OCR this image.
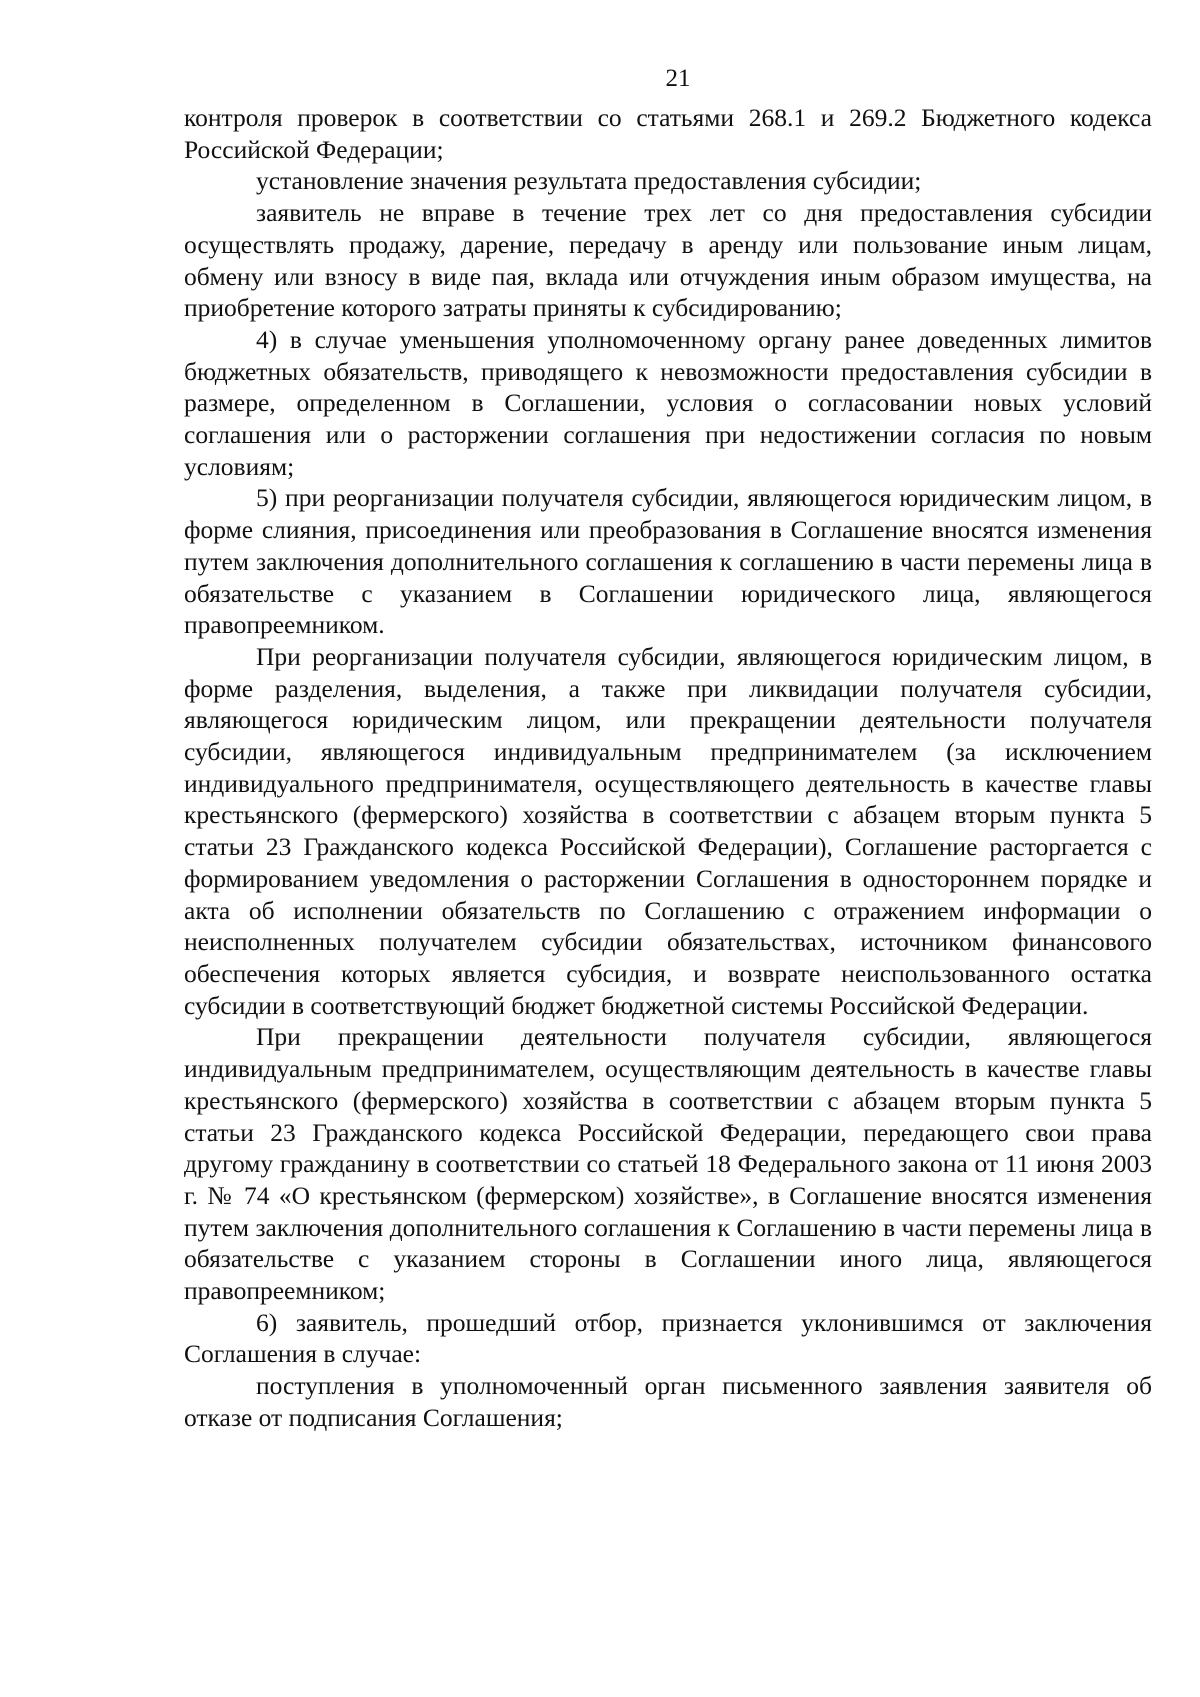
21

контроля проверок в соответствии со статьями 268.1 и 269.2 Бюджетного кодекса Российской Федерации;

установление значения результата предоставления субсидии;

заявитель не вправе в течение трех лет со дня предоставления субсидии осуществлять продажу, дарение, передачу в аренду или пользование иным лицам, обмену или взносу в виде пая, вклада или отчуждения иным образом имущества, на приобретение которого затраты приняты к субсидированию;

4) в случае уменьшения уполномоченному органу ранее доведенных лимитов бюджетных обязательств, приводящего к невозможности предоставления субсидии в размере, определенном в Соглашении, условия о согласовании новых условий соглашения или о расторжении соглашения при недостижении согласия по новым условиям;

5) при реорганизации получателя субсидии, являющегося юридическим лицом, в форме слияния, присоединения или преобразования в Соглашение вносятся изменения путем заключения дополнительного соглашения к соглашению в части перемены лица в обязательстве с указанием в Соглашении юридического лица, являющегося правопреемником.

При реорганизации получателя субсидии, являющегося юридическим лицом, в форме разделения, выделения, а также при ликвидации получателя субсидии, являющегося юридическим лицом, или прекращении деятельности получателя субсидии, являющегося индивидуальным предпринимателем (за исключением индивидуального предпринимателя, осуществляющего деятельность в качестве главы крестьянского (фермерского) хозяйства в соответствии с абзацем вторым пункта 5 статьи 23 Гражданского кодекса Российской Федерации), Соглашение расторгается с формированием уведомления о расторжении Соглашения в одностороннем порядке и акта об исполнении обязательств по Соглашению с отражением информации о неисполненных получателем субсидии обязательствах, источником финансового обеспечения которых является субсидия, и возврате неиспользованного остатка субсидии в соответствующий бюджет бюджетной системы Российской Федерации.

При прекращении деятельности получателя субсидии, являющегося индивидуальным предпринимателем, осуществляющим деятельность в качестве главы крестьянского (фермерского) хозяйства в соответствии с абзацем вторым пункта 5 статьи 23 Гражданского кодекса Российской Федерации, передающего свои права другому гражданину в соответствии со статьей 18 Федерального закона от 11 июня 2003 г. № 74 «О крестьянском (фермерском) хозяйстве», в Соглашение вносятся изменения путем заключения дополнительного соглашения к Соглашению в части перемены лица в обязательстве с указанием стороны в Соглашении иного лица, являющегося правопреемником;

6) заявитель, прошедший отбор, признается уклонившимся от заключения Соглашения в случае:

поступления в уполномоченный орган письменного заявления заявителя об отказе от подписания Соглашения;
